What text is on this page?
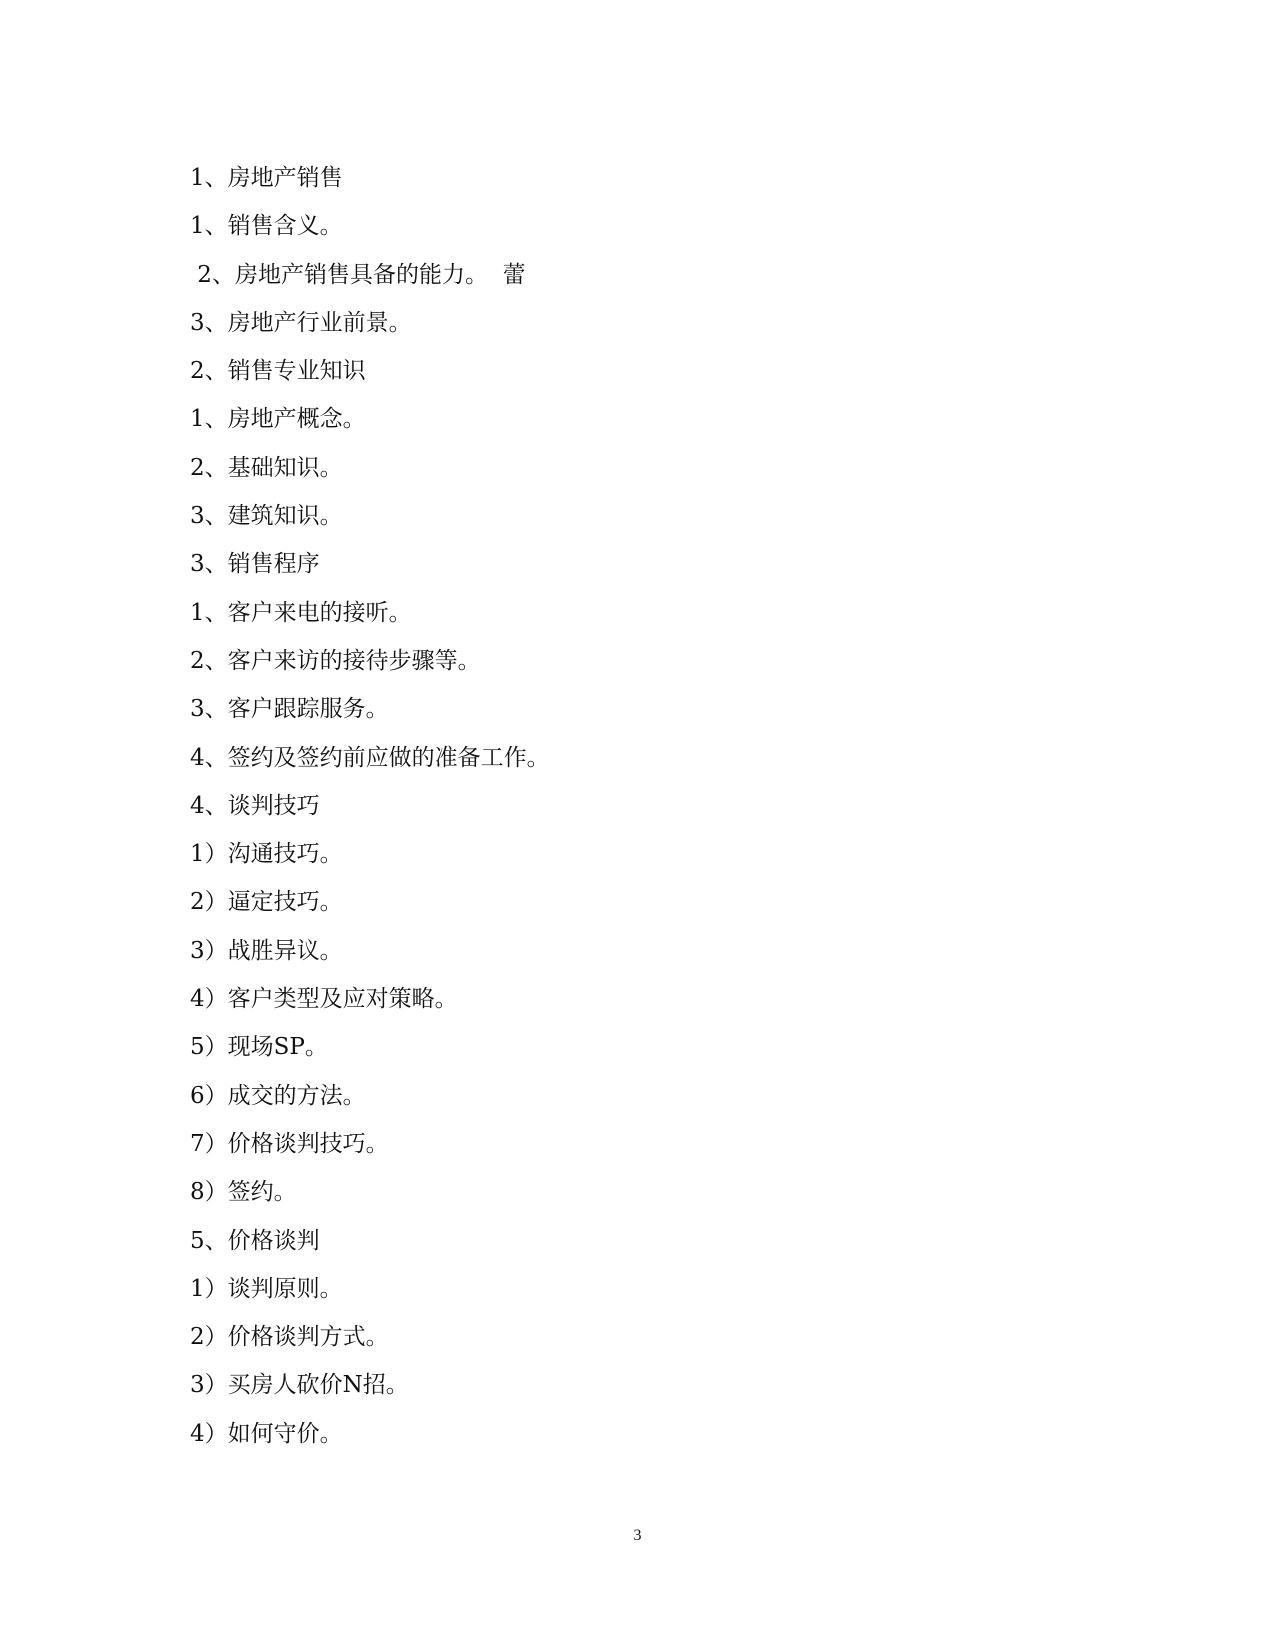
1、房地产销售
1、销售含义。
2、房地产销售具备的能力。  蕾
3、房地产行业前景。
2、销售专业知识
1、房地产概念。
2、基础知识。
3、建筑知识。
3、销售程序
1、客户来电的接听。
2、客户来访的接待步骤等。
3、客户跟踪服务。
4、签约及签约前应做的准备工作。
4、谈判技巧
1）沟通技巧。
2）逼定技巧。
3）战胜异议。
4）客户类型及应对策略。
5）现场SP。
6）成交的方法。
7）价格谈判技巧。
8）签约。
5、价格谈判
1）谈判原则。
2）价格谈判方式。
3）买房人砍价N招。
4）如何守价。
3
